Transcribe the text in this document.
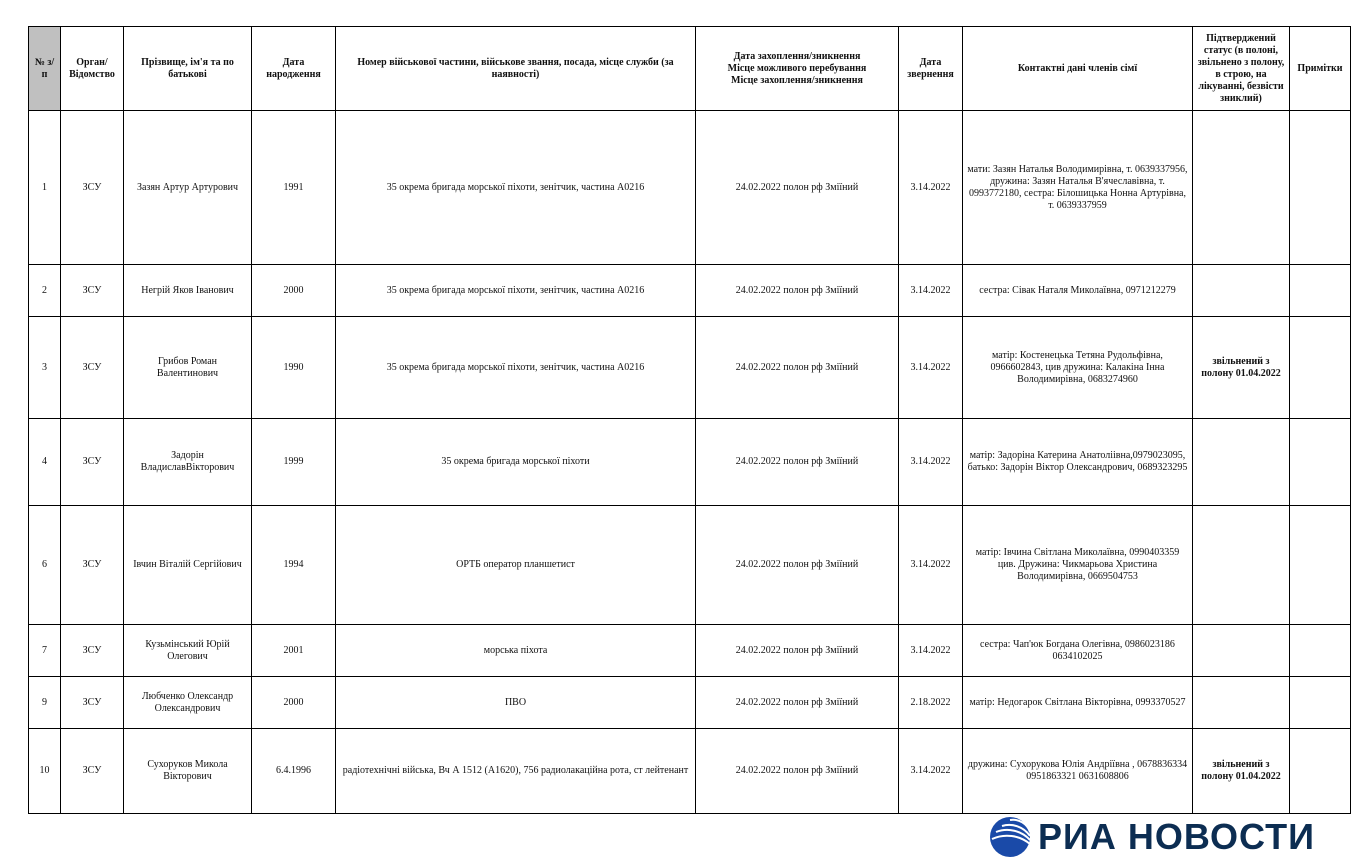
№ з/п	Орган/ Відомство	Прізвище, ім'я та по батькові	Дата народження	Номер військової частини, військове звання, посада, місце служби (за наявності)	Дата захоплення/зникнення Місце можливого перебування Місце захоплення/зникнення	Дата звернення	Контактні дані членів сімї	Підтверджений статус (в полоні, звільнено з полону, в строю, на лікуванні, безвісти зниклий)	Примітки
1	ЗСУ	Зазян Артур Артурович	1991	35 окрема бригада морської піхоти, зенітчик, частина А0216	24.02.2022 полон рф Зміїний	3.14.2022	мати: Зазян Наталья Володимирівна, т. 0639337956, дружина: Зазян Наталья В'ячеславівна, т. 0993772180, сестра: Білошицька Нонна Артурівна, т. 0639337959		
2	ЗСУ	Негрій Яков Іванович	2000	35 окрема бригада морської піхоти, зенітчик, частина А0216	24.02.2022 полон рф Зміїний	3.14.2022	сестра: Сівак Наталя Миколаївна, 0971212279		
3	ЗСУ	Грибов Роман Валентинович	1990	35 окрема бригада морської піхоти, зенітчик, частина А0216	24.02.2022 полон рф Зміїний	3.14.2022	матір: Костенецька Тетяна Рудольфівна, 0966602843, цив дружина: Калакіна Інна Володимирівна, 0683274960	звільнений з полону 01.04.2022	
4	ЗСУ	Задорін ВладиславВікторович	1999	35 окрема бригада морської піхоти	24.02.2022 полон рф Зміїний	3.14.2022	матір: Задоріна Катерина Анатоліівна,0979023095, батько: Задорін Віктор Олександрович, 0689323295		
6	ЗСУ	Івчин Віталій Сергійович	1994	ОРТБ оператор планшетист	24.02.2022 полон рф Зміїний	3.14.2022	матір: Івчина Світлана Миколаївна, 0990403359 цив. Дружина: Чикмарьова Христина Володимирівна, 0669504753		
7	ЗСУ	Кузьмінський Юрій Олегович	2001	морська піхота	24.02.2022 полон рф Зміїний	3.14.2022	сестра: Чап'юк Богдана Олегівна, 0986023186 0634102025		
9	ЗСУ	Любченко Олександр Олександрович	2000	ПВО	24.02.2022 полон рф Зміїний	2.18.2022	матір: Недогарок Світлана Вікторівна, 0993370527		
10	ЗСУ	Сухоруков Микола Вікторович	6.4.1996	радіотехнічні війська, Вч А 1512 (А1620), 756 радиолакаційна рота, ст лейтенант	24.02.2022 полон рф Зміїний	3.14.2022	дружина: Сухорукова Юлія Андріївна , 0678836334 0951863321 0631608806	звільнений з полону 01.04.2022	
РИА НОВОСТИ
